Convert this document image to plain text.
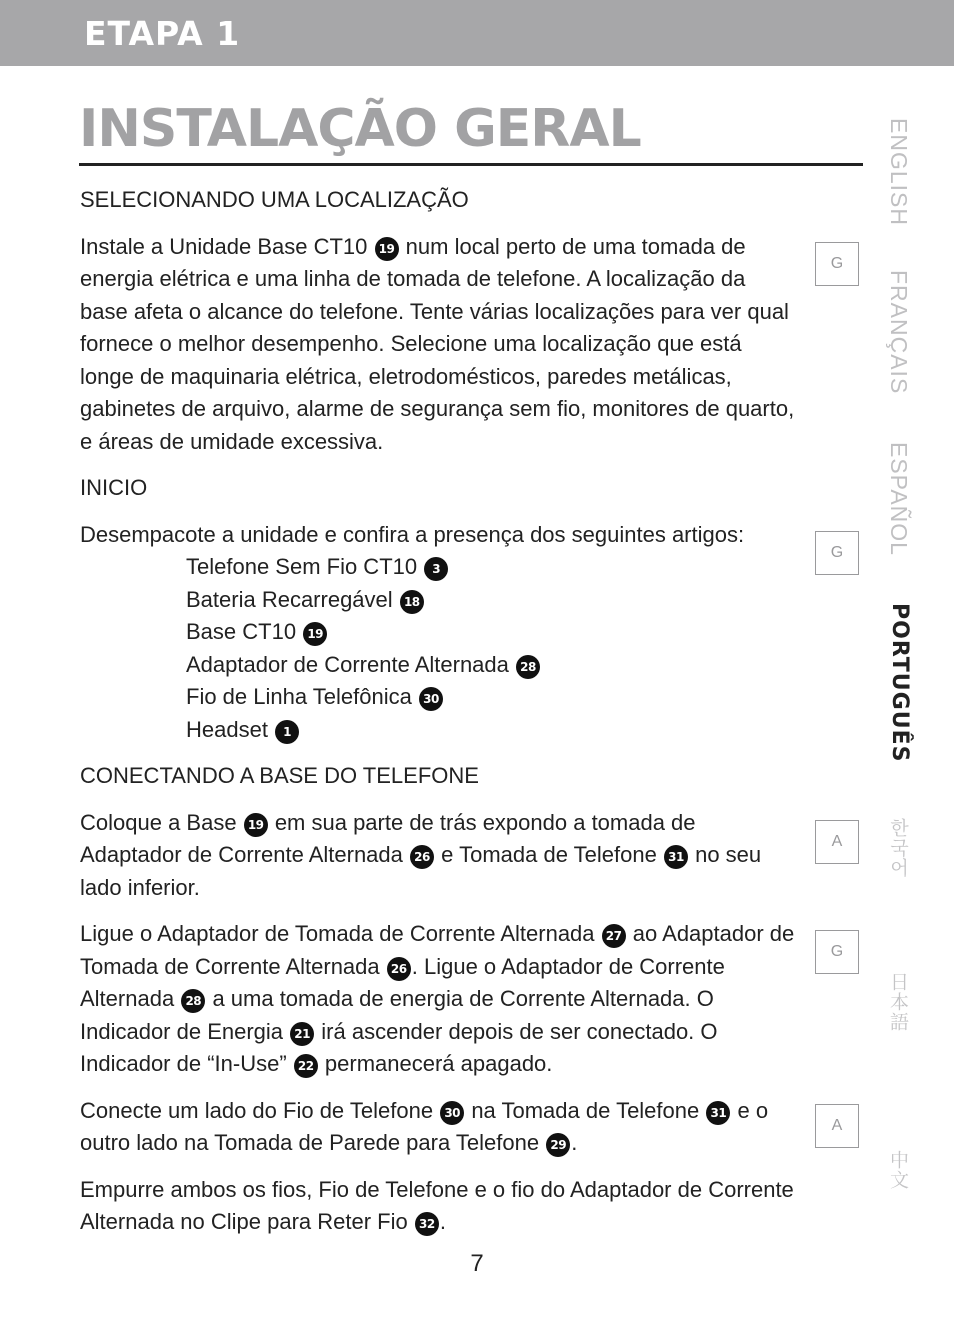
ETAPA 1
INSTALAÇÃO GERAL
SELECIONANDO UMA LOCALIZAÇÃO

Instale a Unidade Base CT10 19 num local perto de uma tomada de energia elétrica e uma linha de tomada de telefone. A localização da base afeta o alcance do telefone. Tente várias localizações para ver qual fornece o melhor desempenho. Selecione uma localização que está longe de maquinaria elétrica, eletrodomésticos, paredes metálicas, gabinetes de arquivo, alarme de segurança sem fio, monitores de quarto, e áreas de umidade excessiva.

INICIO
Desempacote a unidade e confira a presença dos seguintes artigos:
Telefone Sem Fio CT10 3
Bateria Recarregável 18
Base CT10 19
Adaptador de Corrente Alternada 28
Fio de Linha Telefônica 30
Headset 1
CONECTANDO A BASE DO TELEFONE

Coloque a Base 19 em sua parte de trás expondo a tomada de Adaptador de Corrente Alternada 26 e Tomada de Telefone 31 no seu lado inferior.

Ligue o Adaptador de Tomada de Corrente Alternada 27 ao Adaptador de Tomada de Corrente Alternada 26 . Ligue o Adaptador de Corrente Alternada 28 a uma tomada de energia de Corrente Alternada. O Indicador de Energia 21 irá ascender depois de ser conectado. O Indicador de “In-Use” 22 permanecerá apagado.

Conecte um lado do Fio de Telefone 30 na Tomada de Telefone 31 e o outro lado na Tomada de Parede para Telefone 29 .

Empurre ambos os fios, Fio de Telefone e o fio do Adaptador de Corrente Alternada no Clipe para Reter Fio 32 .

7
ENGLISH
FRANÇAIS
ESPAÑOL
PORTUGUÊS
한국어
日本語
中文
G
G
A
G
A
